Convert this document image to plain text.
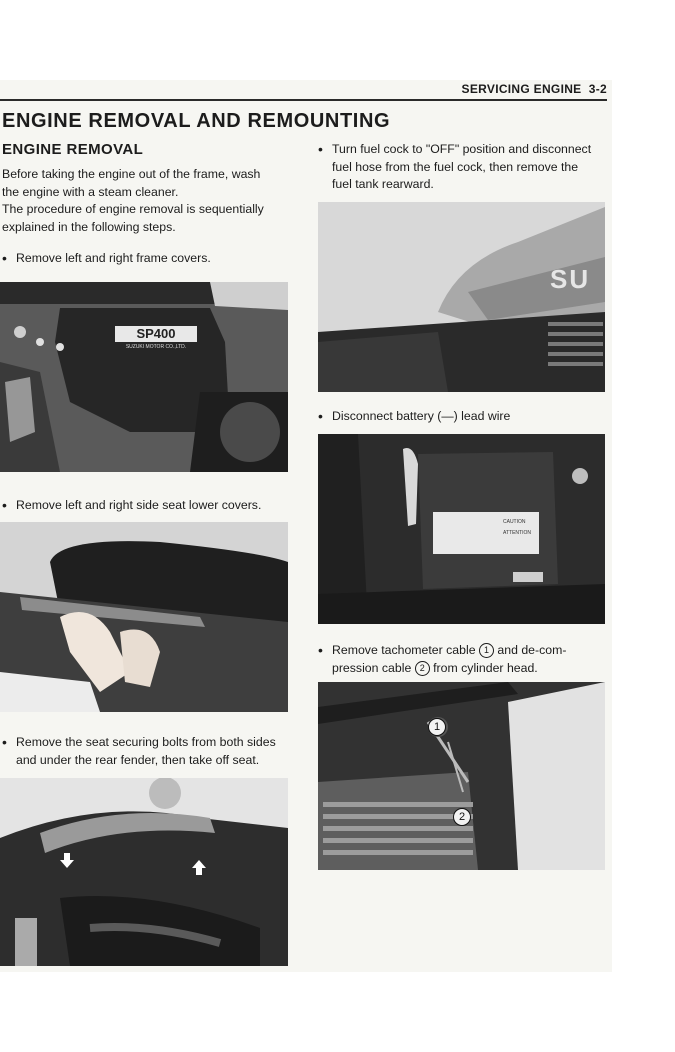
SERVICING ENGINE 3-2
ENGINE REMOVAL AND REMOUNTING
ENGINE REMOVAL
Before taking the engine out of the frame, wash
the engine with a steam cleaner.
The procedure of engine removal is sequentially
explained in the following steps.
• Remove left and right frame covers.
SP400
SUZUKI MOTOR CO.,LTD.
• Remove left and right side seat lower covers.
• Remove the seat securing bolts from both sides
and under the rear fender, then take off seat.
• Turn fuel cock to "OFF" position and disconnect
fuel hose from the fuel cock, then remove the
fuel tank rearward.
SU
• Disconnect battery (—) lead wire
CAUTION
ATTENTION
• Remove tachometer cable 1 and de-com-
pression cable 2 from cylinder head.
1
2
